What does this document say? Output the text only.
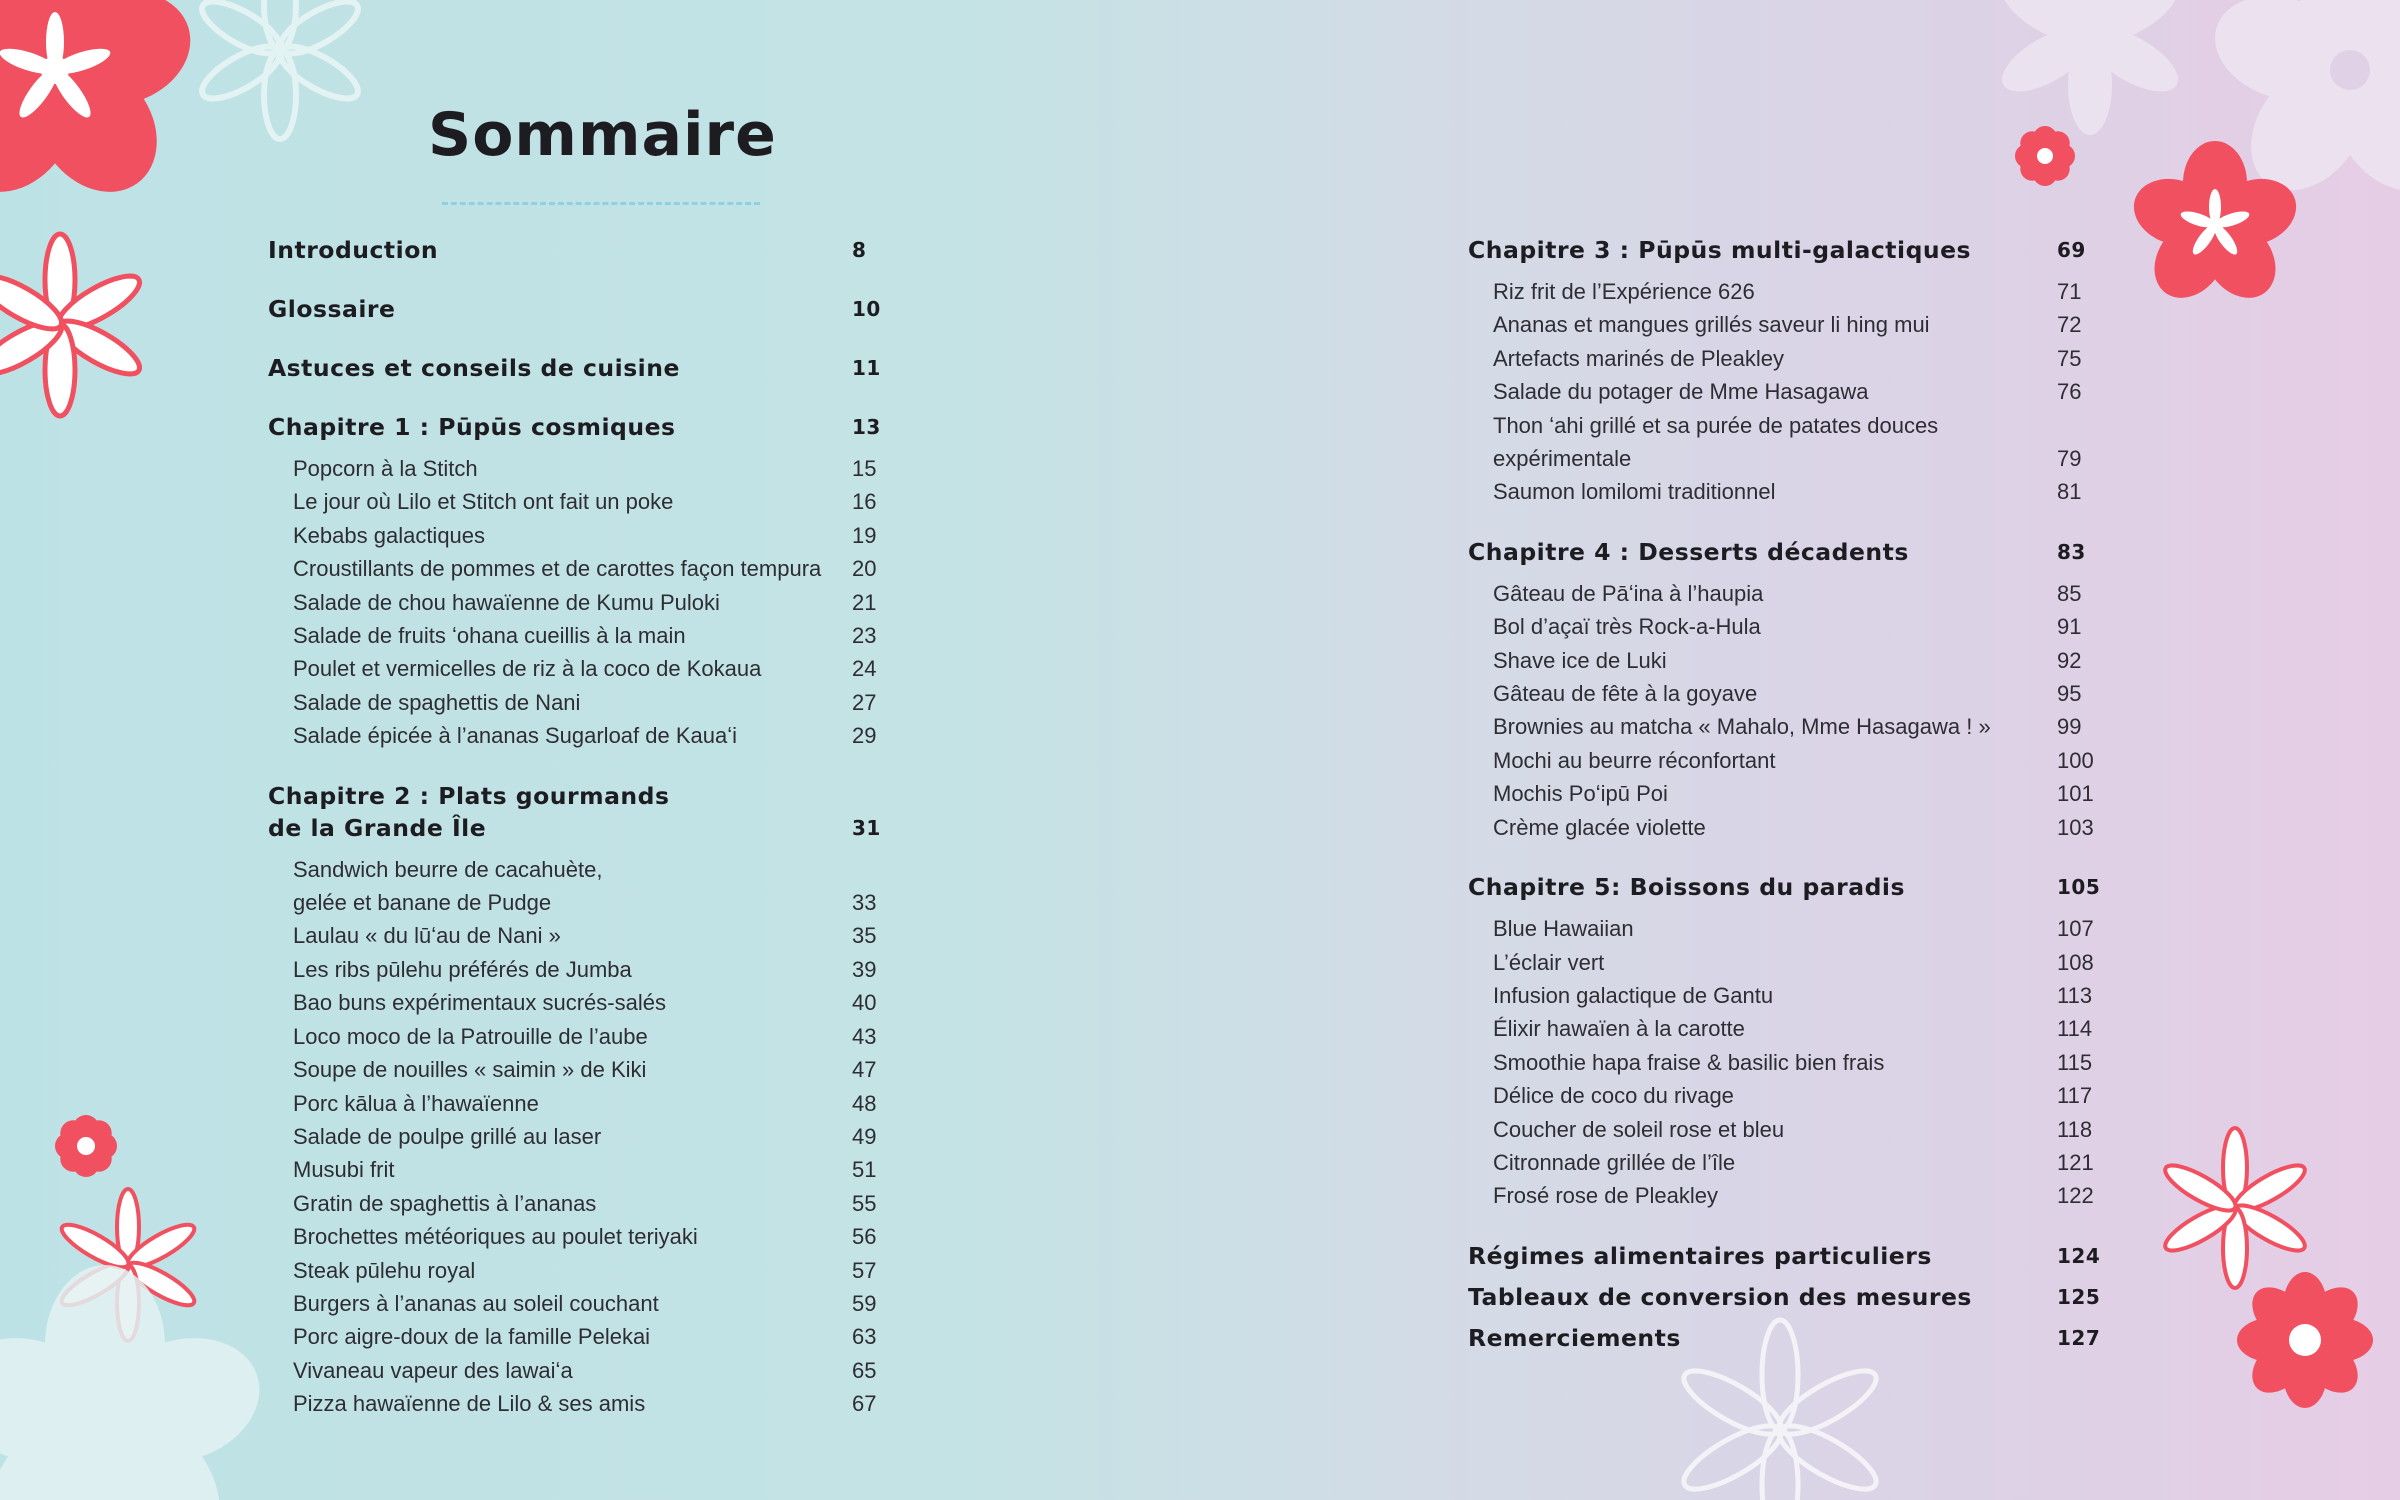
Sommaire
Introduction	8
Glossaire	10
Astuces et conseils de cuisine	11
Chapitre 1 : Pūpūs cosmiques	13
Popcorn à la Stitch	15
Le jour où Lilo et Stitch ont fait un poke	16
Kebabs galactiques	19
Croustillants de pommes et de carottes façon tempura	20
Salade de chou hawaïenne de Kumu Puloki	21
Salade de fruits ʻohana cueillis à la main	23
Poulet et vermicelles de riz à la coco de Kokaua	24
Salade de spaghettis de Nani	27
Salade épicée à l’ananas Sugarloaf de Kauaʻi	29
Chapitre 2 : Plats gourmands
de la Grande Île	31
Sandwich beurre de cacahuète,
gelée et banane de Pudge	33
Laulau « du lūʻau de Nani »	35
Les ribs pūlehu préférés de Jumba	39
Bao buns expérimentaux sucrés-salés	40
Loco moco de la Patrouille de l’aube	43
Soupe de nouilles « saimin » de Kiki	47
Porc kālua à l’hawaïenne	48
Salade de poulpe grillé au laser	49
Musubi frit	51
Gratin de spaghettis à l’ananas	55
Brochettes météoriques au poulet teriyaki	56
Steak pūlehu royal	57
Burgers à l’ananas au soleil couchant	59
Porc aigre-doux de la famille Pelekai	63
Vivaneau vapeur des lawaiʻa	65
Pizza hawaïenne de Lilo & ses amis	67
Chapitre 3 : Pūpūs multi-galactiques	69
Riz frit de l’Expérience 626	71
Ananas et mangues grillés saveur li hing mui	72
Artefacts marinés de Pleakley	75
Salade du potager de Mme Hasagawa	76
Thon ʻahi grillé et sa purée de patates douces
expérimentale	79
Saumon lomilomi traditionnel	81
Chapitre 4 : Desserts décadents	83
Gâteau de Pāʻina à l’haupia	85
Bol d’açaï très Rock-a-Hula	91
Shave ice de Luki	92
Gâteau de fête à la goyave	95
Brownies au matcha « Mahalo, Mme Hasagawa ! »	99
Mochi au beurre réconfortant	100
Mochis Poʻipū Poi	101
Crème glacée violette	103
Chapitre 5: Boissons du paradis	105
Blue Hawaiian	107
L’éclair vert	108
Infusion galactique de Gantu	113
Élixir hawaïen à la carotte	114
Smoothie hapa fraise & basilic bien frais	115
Délice de coco du rivage	117
Coucher de soleil rose et bleu	118
Citronnade grillée de l’île	121
Frosé rose de Pleakley	122
Régimes alimentaires particuliers	124
Tableaux de conversion des mesures	125
Remerciements	127
